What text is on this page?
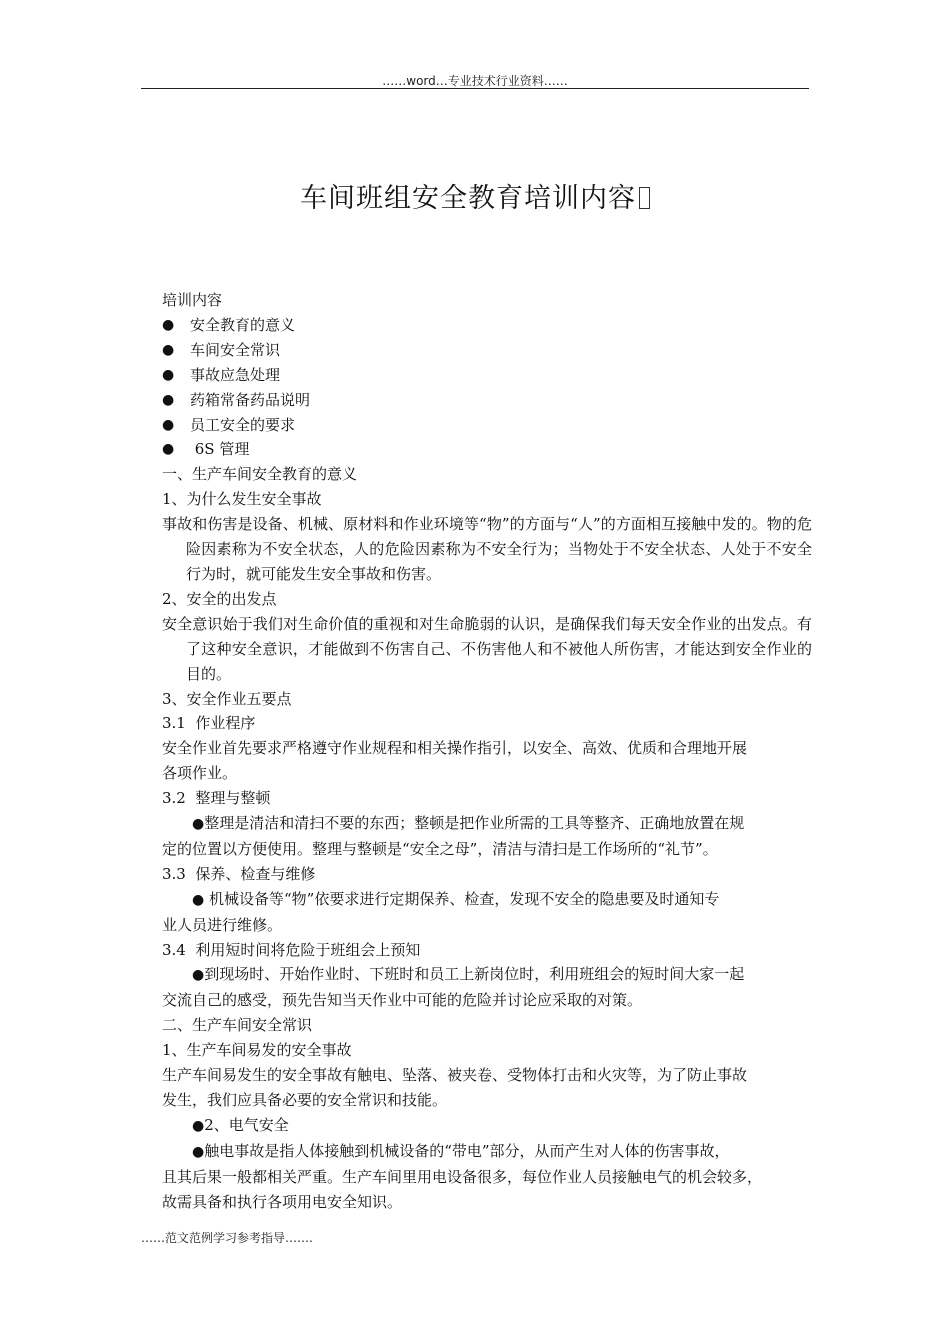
……word…专业技术行业资料……
车间班组安全教育培训内容
培训内容
●	安全教育的意义
●	车间安全常识
●	事故应急处理
●	药箱常备药品说明
●	员工安全的要求
●	6S 管理
一、生产车间安全教育的意义
1、为什么发生安全事故
事故和伤害是设备、机械、原材料和作业环境等“物”的方面与“人”的方面相互接触中发的。物的危险因素称为不安全状态，人的危险因素称为不安全行为；当物处于不安全状态、人处于不安全行为时，就可能发生安全事故和伤害。
2、安全的出发点
安全意识始于我们对生命价值的重视和对生命脆弱的认识，是确保我们每天安全作业的出发点。有了这种安全意识，才能做到不伤害自己、不伤害他人和不被他人所伤害，才能达到安全作业的目的。
3、安全作业五要点
3.1  作业程序
安全作业首先要求严格遵守作业规程和相关操作指引，以安全、高效、优质和合理地开展
各项作业。
3.2  整理与整顿
●整理是清洁和清扫不要的东西；整顿是把作业所需的工具等整齐、正确地放置在规
定的位置以方便使用。整理与整顿是“安全之母”，清洁与清扫是工作场所的“礼节”。
3.3  保养、检查与维修
● 机械设备等“物”依要求进行定期保养、检查，发现不安全的隐患要及时通知专
业人员进行维修。
3.4  利用短时间将危险于班组会上预知
●到现场时、开始作业时、下班时和员工上新岗位时，利用班组会的短时间大家一起
交流自己的感受，预先告知当天作业中可能的危险并讨论应采取的对策。
二、生产车间安全常识
1、生产车间易发的安全事故
生产车间易发生的安全事故有触电、坠落、被夹卷、受物体打击和火灾等，为了防止事故
发生，我们应具备必要的安全常识和技能。
●2、电气安全
●触电事故是指人体接触到机械设备的“带电”部分，从而产生对人体的伤害事故，
且其后果一般都相关严重。生产车间里用电设备很多，每位作业人员接触电气的机会较多，
故需具备和执行各项用电安全知识。
……范文范例学习参考指导…….
